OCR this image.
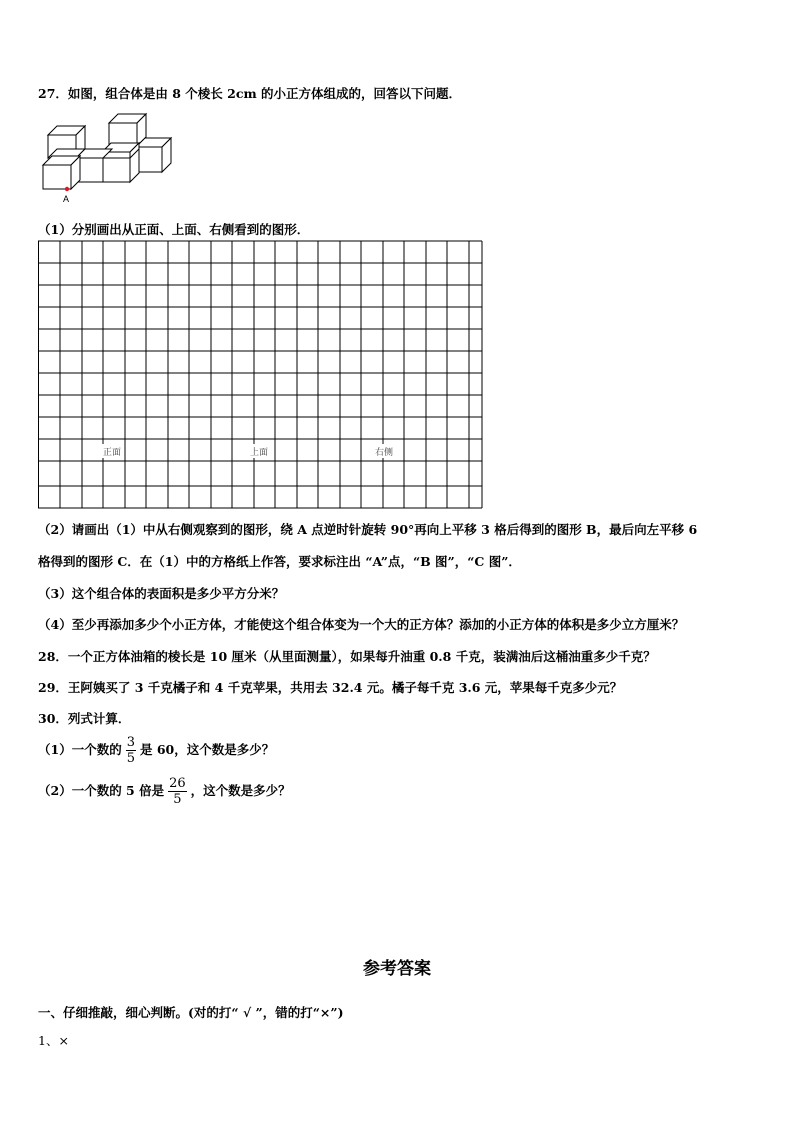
27．如图，组合体是由 8 个棱长 2cm 的小正方体组成的，回答以下问题．
A
（1）分别画出从正面、上面、右侧看到的图形．
正面	上面	右侧
（2）请画出（1）中从右侧观察到的图形，绕 A 点逆时针旋转 90°再向上平移 3 格后得到的图形 B，最后向左平移 6
格得到的图形 C．在（1）中的方格纸上作答，要求标注出 “A”点，“B 图”，“C 图”．
（3）这个组合体的表面积是多少平方分米？
（4）至少再添加多少个小正方体，才能使这个组合体变为一个大的正方体？添加的小正方体的体积是多少立方厘米？
28．一个正方体油箱的棱长是 10 厘米（从里面测量），如果每升油重 0.8 千克，装满油后这桶油重多少千克？
29．王阿姨买了 3 千克橘子和 4 千克苹果，共用去 32.4 元。橘子每千克 3.6 元，苹果每千克多少元？
30．列式计算．
（1）一个数的 $\frac{3}{5}$ 是 60，这个数是多少？
（2）一个数的 5 倍是 $\frac{26}{5}$ ，这个数是多少？
参考答案
一、仔细推敲，细心判断。(对的打“ √ ”，错的打“×”)
1、×
